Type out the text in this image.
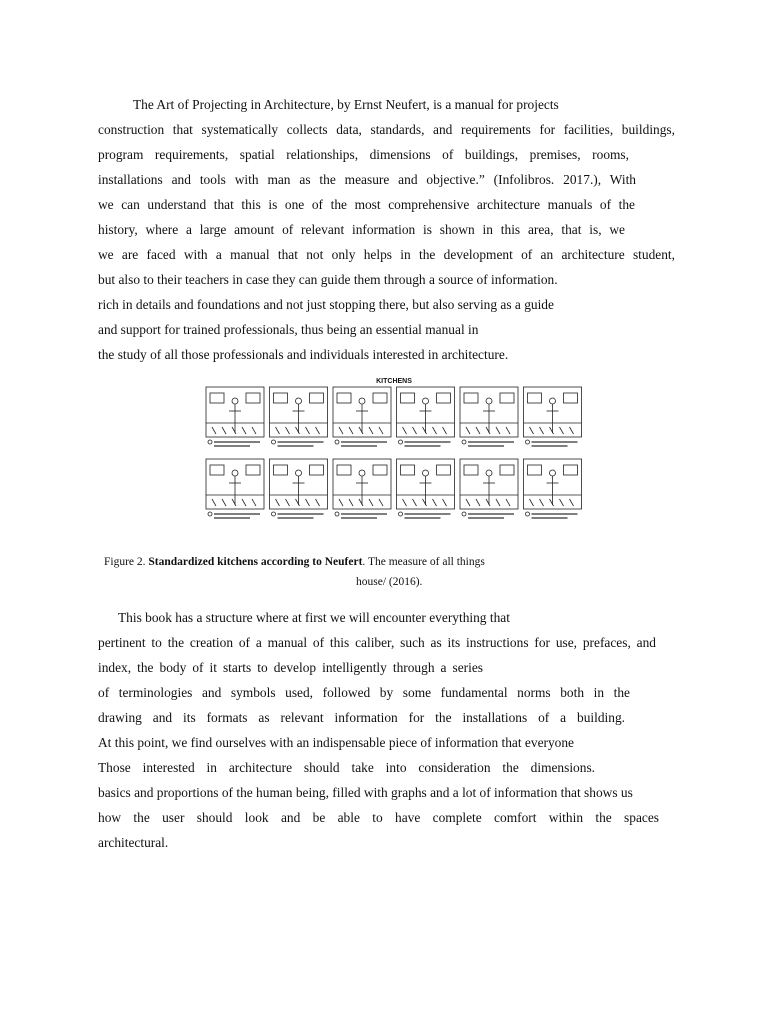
The Art of Projecting in Architecture, by Ernst Neufert, is a manual for projects
construction that systematically collects data, standards, and requirements for facilities, buildings,
program requirements, spatial relationships, dimensions of buildings, premises, rooms,
installations and tools with man as the measure and objective.” (Infolibros. 2017.), With
we can understand that this is one of the most comprehensive architecture manuals of the
history, where a large amount of relevant information is shown in this area, that is, we
we are faced with a manual that not only helps in the development of an architecture student,
but also to their teachers in case they can guide them through a source of information.
rich in details and foundations and not just stopping there, but also serving as a guide
and support for trained professionals, thus being an essential manual in
the study of all those professionals and individuals interested in architecture.
KITCHENS
Figure 2. Standardized kitchens according to Neufert. The measure of all things
house/ (2016).
This book has a structure where at first we will encounter everything that
pertinent to the creation of a manual of this caliber, such as its instructions for use, prefaces, and
index, the body of it starts to develop intelligently through a series
of terminologies and symbols used, followed by some fundamental norms both in the
drawing and its formats as relevant information for the installations of a building.
At this point, we find ourselves with an indispensable piece of information that everyone
Those interested in architecture should take into consideration the dimensions.
basics and proportions of the human being, filled with graphs and a lot of information that shows us
how the user should look and be able to have complete comfort within the spaces
architectural.
